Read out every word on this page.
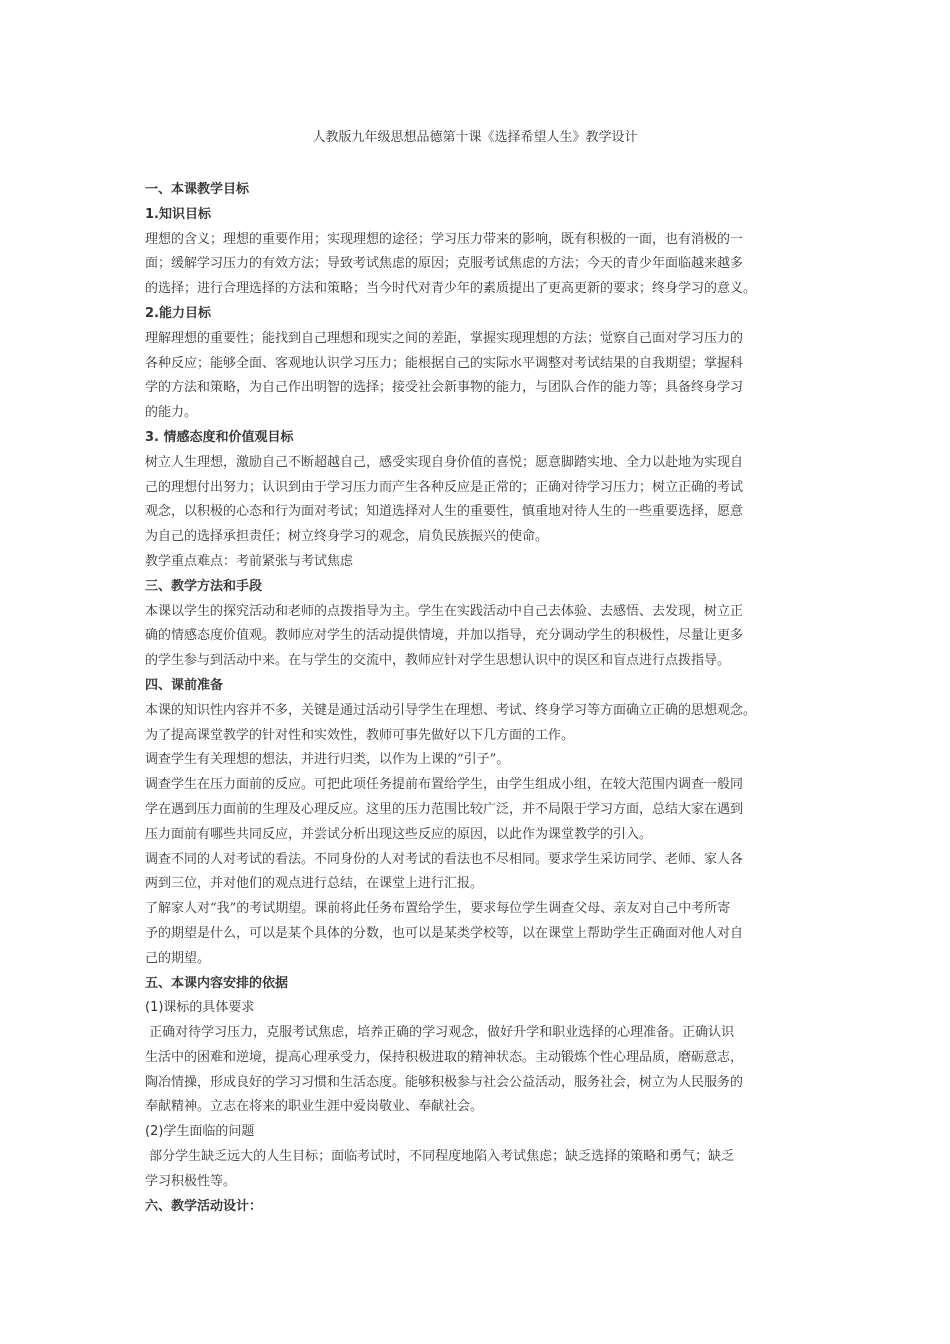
人教版九年级思想品德第十课《选择希望人生》教学设计

一、本课教学目标

1.知识目标

理想的含义；理想的重要作用；实现理想的途径；学习压力带来的影响，既有积极的一面，也有消极的一

面；缓解学习压力的有效方法；导致考试焦虑的原因；克服考试焦虑的方法；今天的青少年面临越来越多

的选择；进行合理选择的方法和策略；当今时代对青少年的素质提出了更高更新的要求；终身学习的意义。

2.能力目标

理解理想的重要性；能找到自己理想和现实之间的差距，掌握实现理想的方法；觉察自己面对学习压力的

各种反应；能够全面、客观地认识学习压力；能根据自己的实际水平调整对考试结果的自我期望；掌握科

学的方法和策略，为自己作出明智的选择；接受社会新事物的能力，与团队合作的能力等；具备终身学习

的能力。

3. 情感态度和价值观目标

树立人生理想，激励自己不断超越自己，感受实现自身价值的喜悦；愿意脚踏实地、全力以赴地为实现自

己的理想付出努力；认识到由于学习压力而产生各种反应是正常的；正确对待学习压力；树立正确的考试

观念，以积极的心态和行为面对考试；知道选择对人生的重要性，慎重地对待人生的一些重要选择，愿意

为自己的选择承担责任；树立终身学习的观念，肩负民族振兴的使命。

教学重点难点：考前紧张与考试焦虑

三、教学方法和手段

本课以学生的探究活动和老师的点拨指导为主。学生在实践活动中自己去体验、去感悟、去发现，树立正

确的情感态度价值观。教师应对学生的活动提供情境，并加以指导，充分调动学生的积极性，尽量让更多

的学生参与到活动中来。在与学生的交流中，教师应针对学生思想认识中的误区和盲点进行点拨指导。

四、课前准备

本课的知识性内容并不多，关键是通过活动引导学生在理想、考试、终身学习等方面确立正确的思想观念。

为了提高课堂教学的针对性和实效性，教师可事先做好以下几方面的工作。

调查学生有关理想的想法，并进行归类，以作为上课的“引子”。

调查学生在压力面前的反应。可把此项任务提前布置给学生，由学生组成小组，在较大范围内调查一般同

学在遇到压力面前的生理及心理反应。这里的压力范围比较广泛，并不局限于学习方面，总结大家在遇到

压力面前有哪些共同反应，并尝试分析出现这些反应的原因，以此作为课堂教学的引入。

调查不同的人对考试的看法。不同身份的人对考试的看法也不尽相同。要求学生采访同学、老师、家人各

两到三位，并对他们的观点进行总结，在课堂上进行汇报。

了解家人对“我”的考试期望。课前将此任务布置给学生，要求每位学生调查父母、亲友对自己中考所寄

予的期望是什么，可以是某个具体的分数，也可以是某类学校等，以在课堂上帮助学生正确面对他人对自

己的期望。

五、本课内容安排的依据

(1)课标的具体要求

正确对待学习压力，克服考试焦虑，培养正确的学习观念，做好升学和职业选择的心理准备。正确认识

生活中的困难和逆境，提高心理承受力，保持积极进取的精神状态。主动锻炼个性心理品质，磨砺意志，

陶冶情操，形成良好的学习习惯和生活态度。能够积极参与社会公益活动，服务社会，树立为人民服务的

奉献精神。立志在将来的职业生涯中爱岗敬业、奉献社会。

(2)学生面临的问题

部分学生缺乏远大的人生目标；面临考试时，不同程度地陷入考试焦虑；缺乏选择的策略和勇气；缺乏

学习积极性等。

六、教学活动设计：
